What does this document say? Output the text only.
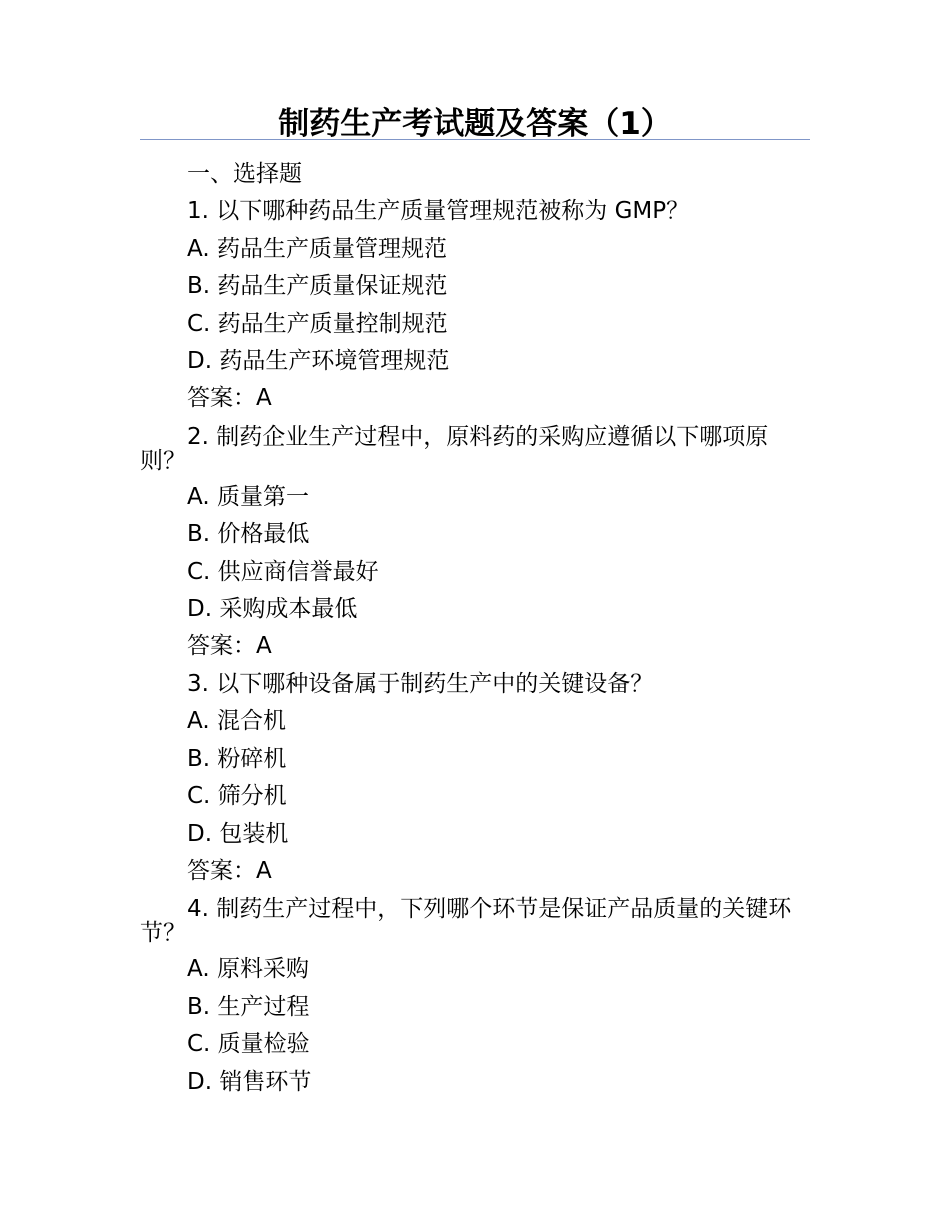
制药生产考试题及答案（1）

一、选择题

1. 以下哪种药品生产质量管理规范被称为 GMP？

A. 药品生产质量管理规范

B. 药品生产质量保证规范

C. 药品生产质量控制规范

D. 药品生产环境管理规范

答案：A

2. 制药企业生产过程中，原料药的采购应遵循以下哪项原则？

A. 质量第一

B. 价格最低

C. 供应商信誉最好

D. 采购成本最低

答案：A

3. 以下哪种设备属于制药生产中的关键设备？

A. 混合机

B. 粉碎机

C. 筛分机

D. 包装机

答案：A

4. 制药生产过程中，下列哪个环节是保证产品质量的关键环节？

A. 原料采购

B. 生产过程

C. 质量检验

D. 销售环节
